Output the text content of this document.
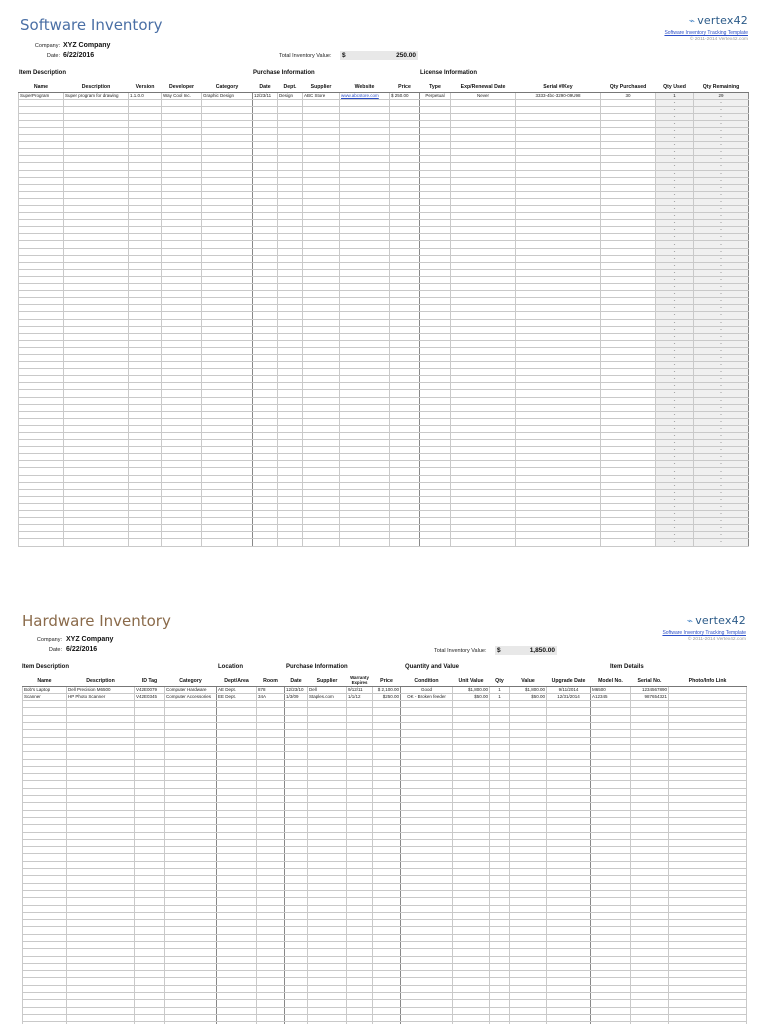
Software Inventory
Company: XYZ Company
Date: 6/22/2016	Total Inventory Value: $	250.00
⌁ vertex42
Software Inventory Tracking Template
© 2011-2014 Vertex42.com
Item Description	Purchase Information	License Information
Name	Description	Version	Developer	Category	Date	Dept.	Supplier	Website	Price	Type	Exp/Renewal Date	Serial #/Key	Qty Purchased	Qty Used	Qty Remaining
SuperProgram	Super program for drawing	1.1.0.0	Way Cool Inc.	Graphic Design	12/23/11	Design	ABC Store	www.abcstore.com	$ 250.00	Perpetual	Never	3333-4bc-3290-09U98	30	1	29
														-	-
														-	-
														-	-
														-	-
														-	-
														-	-
														-	-
														-	-
														-	-
														-	-
														-	-
														-	-
														-	-
														-	-
														-	-
														-	-
														-	-
														-	-
														-	-
														-	-
														-	-
														-	-
														-	-
														-	-
														-	-
														-	-
														-	-
														-	-
														-	-
														-	-
														-	-
														-	-
														-	-
														-	-
														-	-
														-	-
														-	-
														-	-
														-	-
														-	-
														-	-
														-	-
														-	-
														-	-
														-	-
														-	-
														-	-
														-	-
														-	-
														-	-
														-	-
														-	-
														-	-
														-	-
														-	-
														-	-
														-	-
														-	-
														-	-
														-	-
														-	-
														-	-
														-	-
Hardware Inventory
Company: XYZ Company
Date: 6/22/2016	Total Inventory Value: $	1,850.00
⌁ vertex42
Software Inventory Tracking Template
© 2011-2014 Vertex42.com
Item Description	Location	Purchase Information	Quantity and Value	Item Details
Name	Description	ID Tag	Category	Dept/Area	Room	Date	Supplier	Warranty Expires	Price	Condition	Unit Value	Qty	Value	Upgrade Date	Model No.	Serial No.	Photo/Info Link
Bob's Laptop	Dell Precision M6500	V42E0079	Computer Hardware	AE Dept.	878	12/23/10	Dell	9/12/11	$ 2,100.00	Good	$1,800.00	1	$1,800.00	9/11/2014	M6500	1234567890	
Scanner	HP Photo Scanner	V42E0345	Computer Accessories	EE Dept.	34A	1/3/09	Staples.com	1/1/12	$250.00	OK - Broken feeder	$50.00	1	$50.00	12/31/2014	A12345	987654321	
